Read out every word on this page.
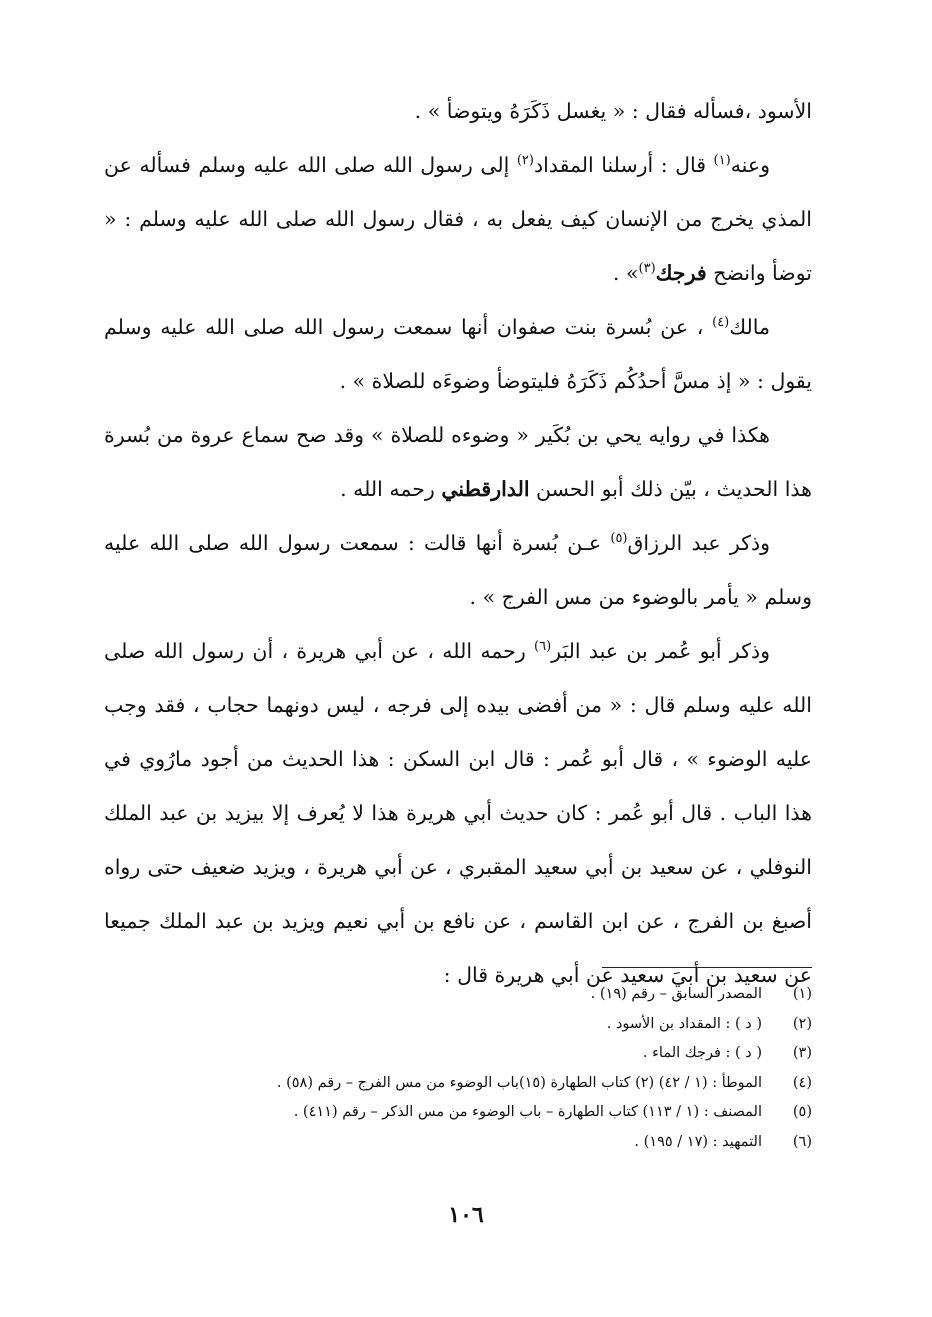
الأسود ،فسأله فقال : « يغسل ذَكَرَهُ ويتوضأ » .

وعنه$^{(١)}$ قال : أرسلنا المقداد$^{(٢)}$ إلى رسول الله صلى الله عليه وسلم فسأله عن المذي يخرج من الإنسان كيف يفعل به ، فقال رسول الله صلى الله عليه وسلم : « توضأ وانضح فرجك$^{(٣)}$» .

مالك$^{(٤)}$ ، عن بُسرة بنت صفوان أنها سمعت رسول الله صلى الله عليه وسلم يقول : « إذ مسَّ أحدُكُم ذَكَرَهُ فليتوضأ وضوءَه للصلاة » .

هكذا في روايه يحي بن بُكَير « وضوءه للصلاة » وقد صح سماع عروة من بُسرة هذا الحديث ، بيّن ذلك أبو الحسن الدارقطني رحمه الله .

وذكر عبد الرزاق$^{(٥)}$ عـن بُسرة أنها قالت : سمعت رسول الله صلى الله عليه وسلم « يأمر بالوضوء من مس الفرج » .

وذكر أبو عُمر بن عبد البَر$^{(٦)}$ رحمه الله ، عن أبي هريرة ، أن رسول الله صلى الله عليه وسلم قال : « من أفضى بيده إلى فرجه ، ليس دونهما حجاب ، فقد وجب عليه الوضوء » ، قال أبو عُمر : قال ابن السكن : هذا الحديث من أجود مارُوي في هذا الباب . قال أبو عُمر : كان حديث أبي هريرة هذا لا يُعرف إلا بيزيد بن عبد الملك النوفلي ، عن سعيد بن أبي سعيد المقبري ، عن أبي هريرة ، ويزيد ضعيف حتى رواه أصبغ بن الفرج ، عن ابن القاسم ، عن نافع بن أبي نعيم ويزيد بن عبد الملك جميعا عن سعيد بن أبيَ سعيد عن أبي هريرة قال :

(١)
المصدر السابق – رقم (١٩) .
(٢)
( د ) : المقداد بن الأسود .
(٣)
( د ) : فرجك الماء .
(٤)
الموطأ : (١ / ٤٢) (٢) كتاب الطهارة (١٥)باب الوضوء من مس الفرج – رقم (٥٨) .
(٥)
المصنف : (١ / ١١٣) كتاب الطهارة – باب الوضوء من مس الذكر – رقم (٤١١) .
(٦)
التمهيد : (١٧ / ١٩٥) .
١٠٦
